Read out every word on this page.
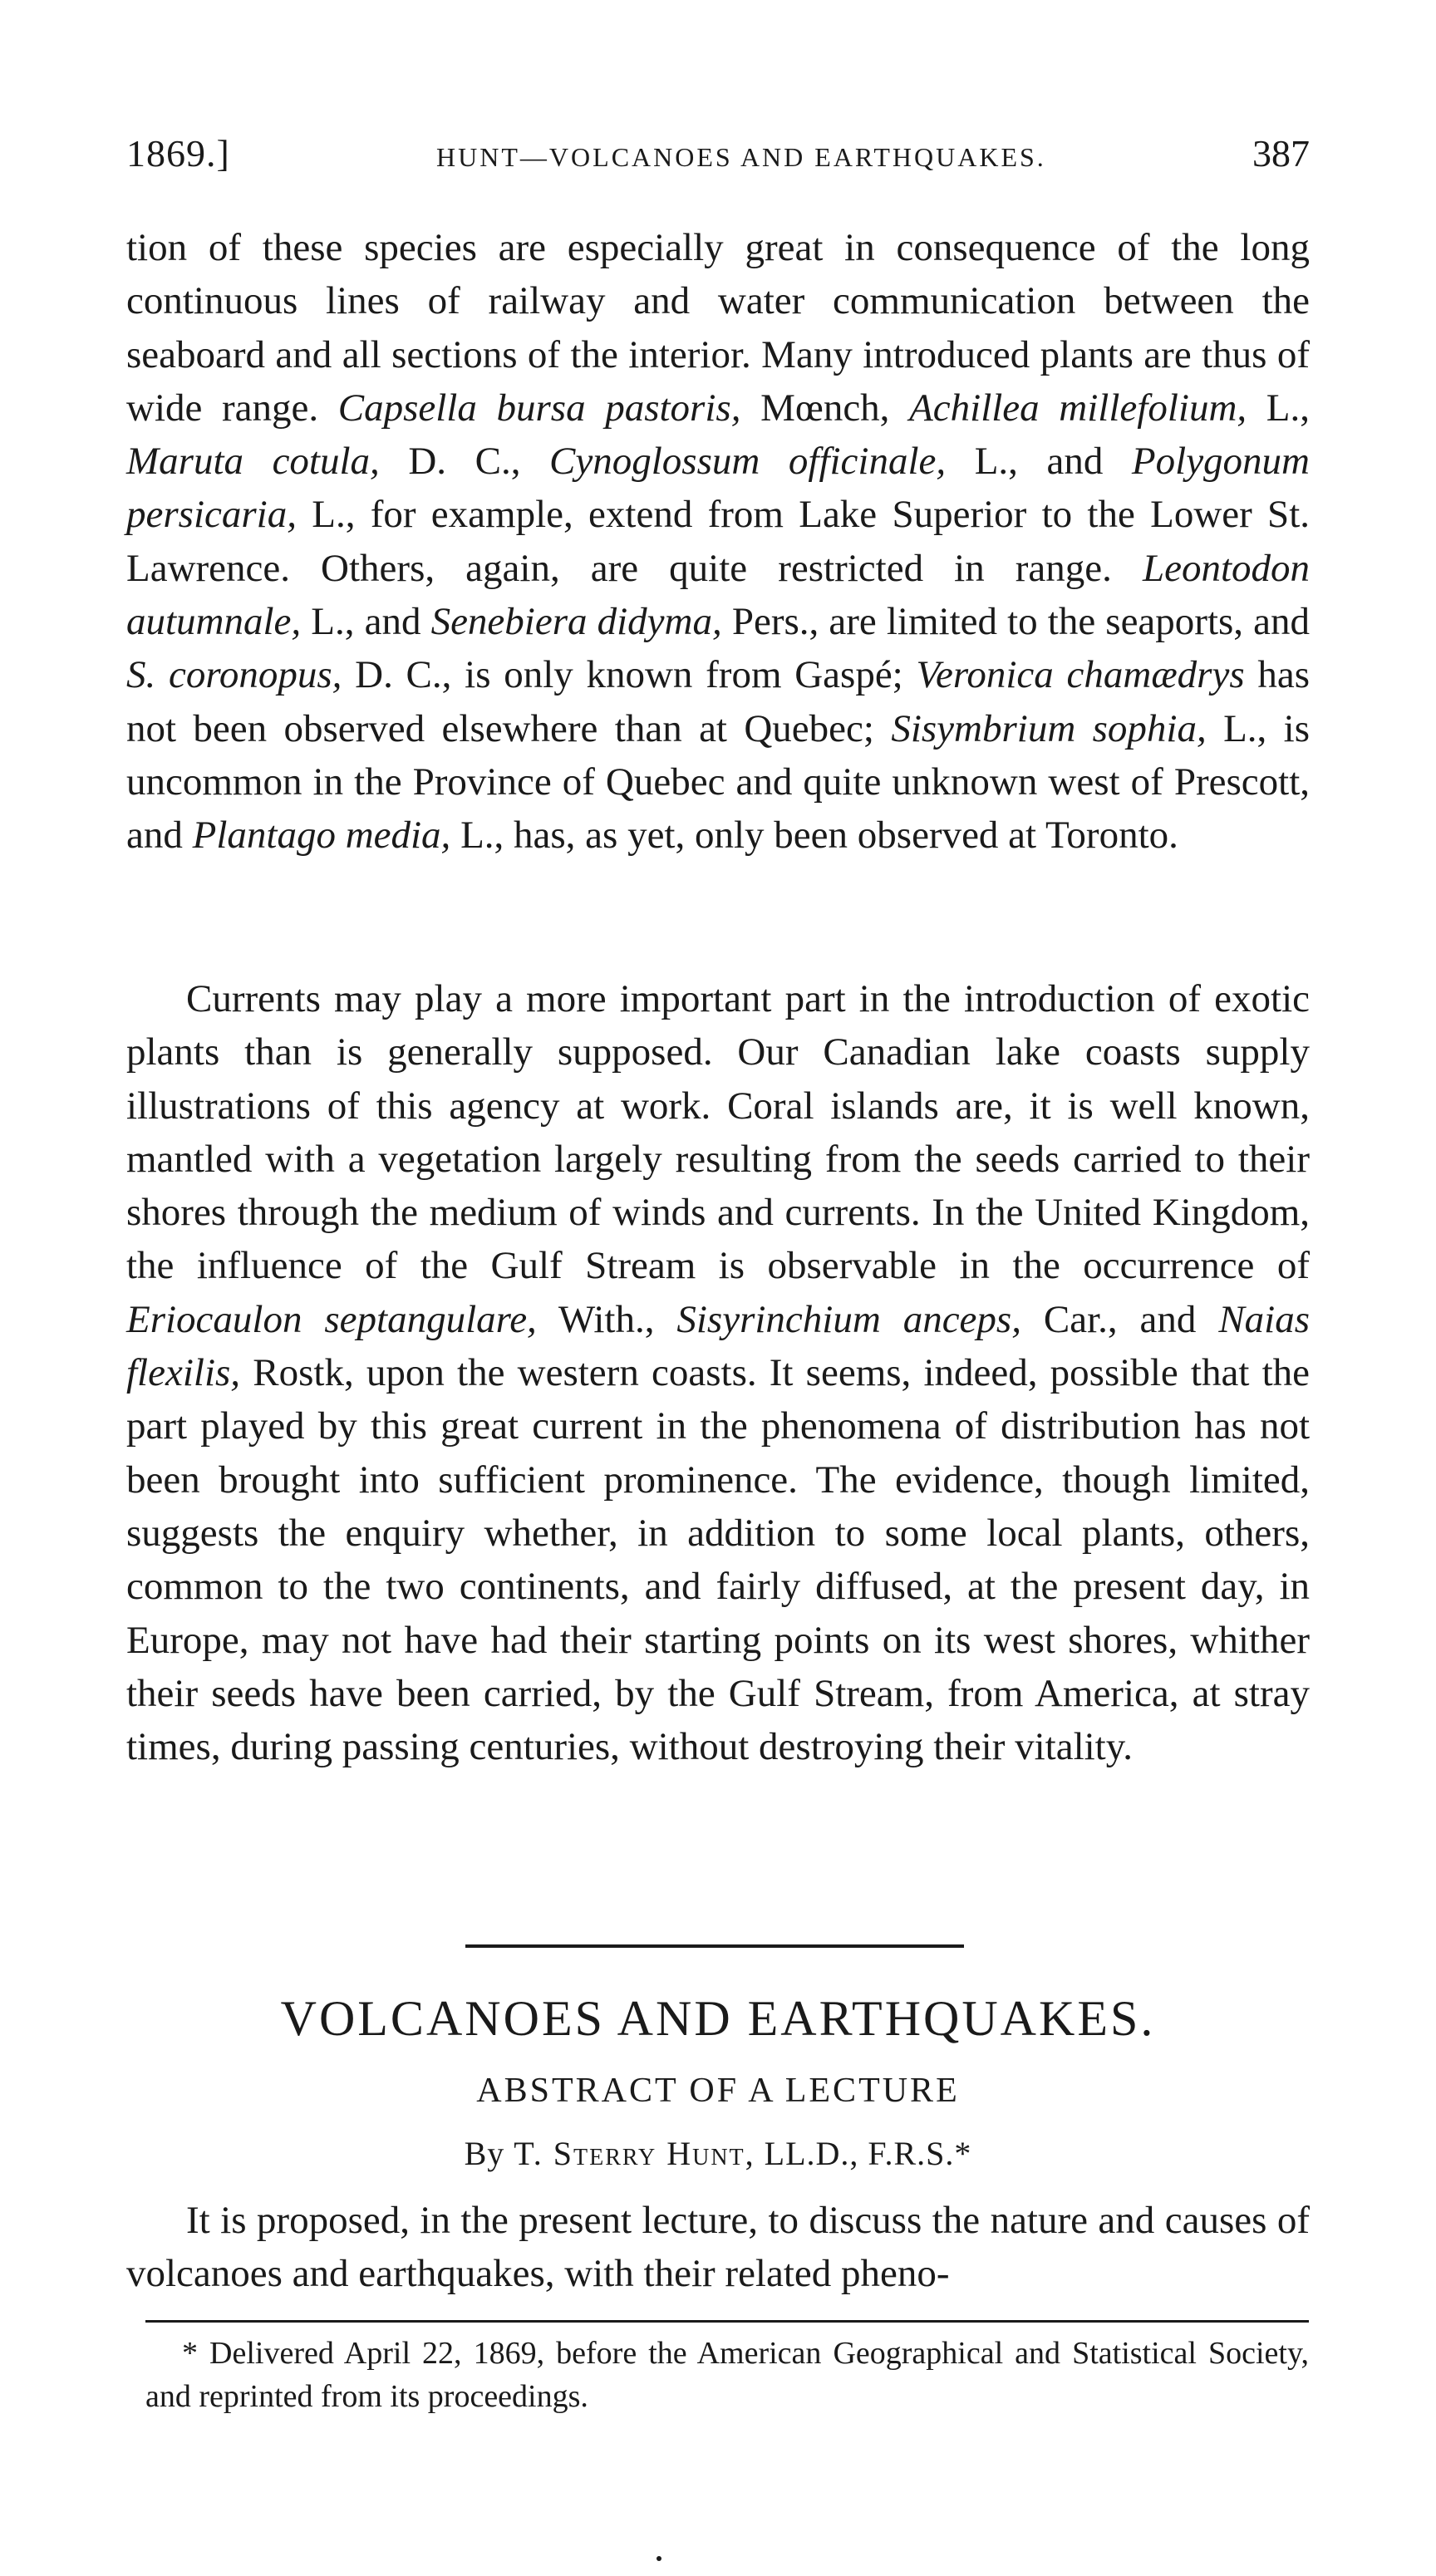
1869.]	HUNT—VOLCANOES AND EARTHQUAKES.	387

tion of these species are especially great in consequence of the long continuous lines of railway and water communication between the seaboard and all sections of the interior. Many introduced plants are thus of wide range. Capsella bursa pastoris, Mœnch, Achillea millefolium, L., Maruta cotula, D. C., Cynoglossum officinale, L., and Polygonum persicaria, L., for example, extend from Lake Superior to the Lower St. Lawrence. Others, again, are quite restricted in range. Leontodon autumnale, L., and Senebiera didyma, Pers., are limited to the seaports, and S. coronopus, D. C., is only known from Gaspé; Veronica chamædrys has not been observed elsewhere than at Quebec; Sisymbrium sophia, L., is uncommon in the Province of Quebec and quite unknown west of Prescott, and Plantago media, L., has, as yet, only been observed at Toronto.

Currents may play a more important part in the introduction of exotic plants than is generally supposed. Our Canadian lake coasts supply illustrations of this agency at work. Coral islands are, it is well known, mantled with a vegetation largely resulting from the seeds carried to their shores through the medium of winds and currents. In the United Kingdom, the influence of the Gulf Stream is observable in the occurrence of Eriocaulon septangulare, With., Sisyrinchium anceps, Car., and Naias flexilis, Rostk, upon the western coasts. It seems, indeed, possible that the part played by this great current in the phenomena of distribution has not been brought into sufficient prominence. The evidence, though limited, suggests the enquiry whether, in addition to some local plants, others, common to the two continents, and fairly diffused, at the present day, in Europe, may not have had their starting points on its west shores, whither their seeds have been carried, by the Gulf Stream, from America, at stray times, during passing centuries, without destroying their vitality.

VOLCANOES AND EARTHQUAKES.
ABSTRACT OF A LECTURE
By T. Sterry Hunt, LL.D., F.R.S.*

It is proposed, in the present lecture, to discuss the nature and causes of volcanoes and earthquakes, with their related pheno-

* Delivered April 22, 1869, before the American Geographical and Statistical Society, and reprinted from its proceedings.
